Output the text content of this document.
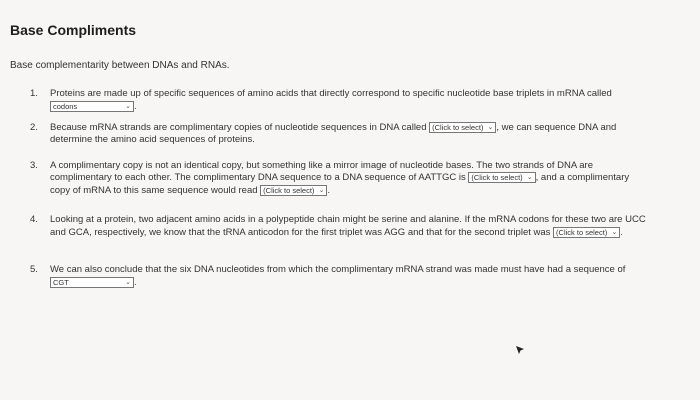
Base Compliments
Base complementarity between DNAs and RNAs.
1.	Proteins are made up of specific sequences of amino acids that directly correspond to specific nucleotide base triplets in mRNA called codons	⌄ .
2.	Because mRNA strands are complimentary copies of nucleotide sequences in DNA called (Click to select) ⌄ , we can sequence DNA and determine the amino acid sequences of proteins.
3.	A complimentary copy is not an identical copy, but something like a mirror image of nucleotide bases. The two strands of DNA are complimentary to each other. The complimentary DNA sequence to a DNA sequence of AATTGC is (Click to select) ⌄ , and a complimentary copy of mRNA to this same sequence would read (Click to select) ⌄ .
4.	Looking at a protein, two adjacent amino acids in a polypeptide chain might be serine and alanine. If the mRNA codons for these two are UCC and GCA, respectively, we know that the tRNA anticodon for the first triplet was AGG and that for the second triplet was (Click to select) ⌄ .
5.	We can also conclude that the six DNA nucleotides from which the complimentary mRNA strand was made must have had a sequence of CGT	⌄ .
